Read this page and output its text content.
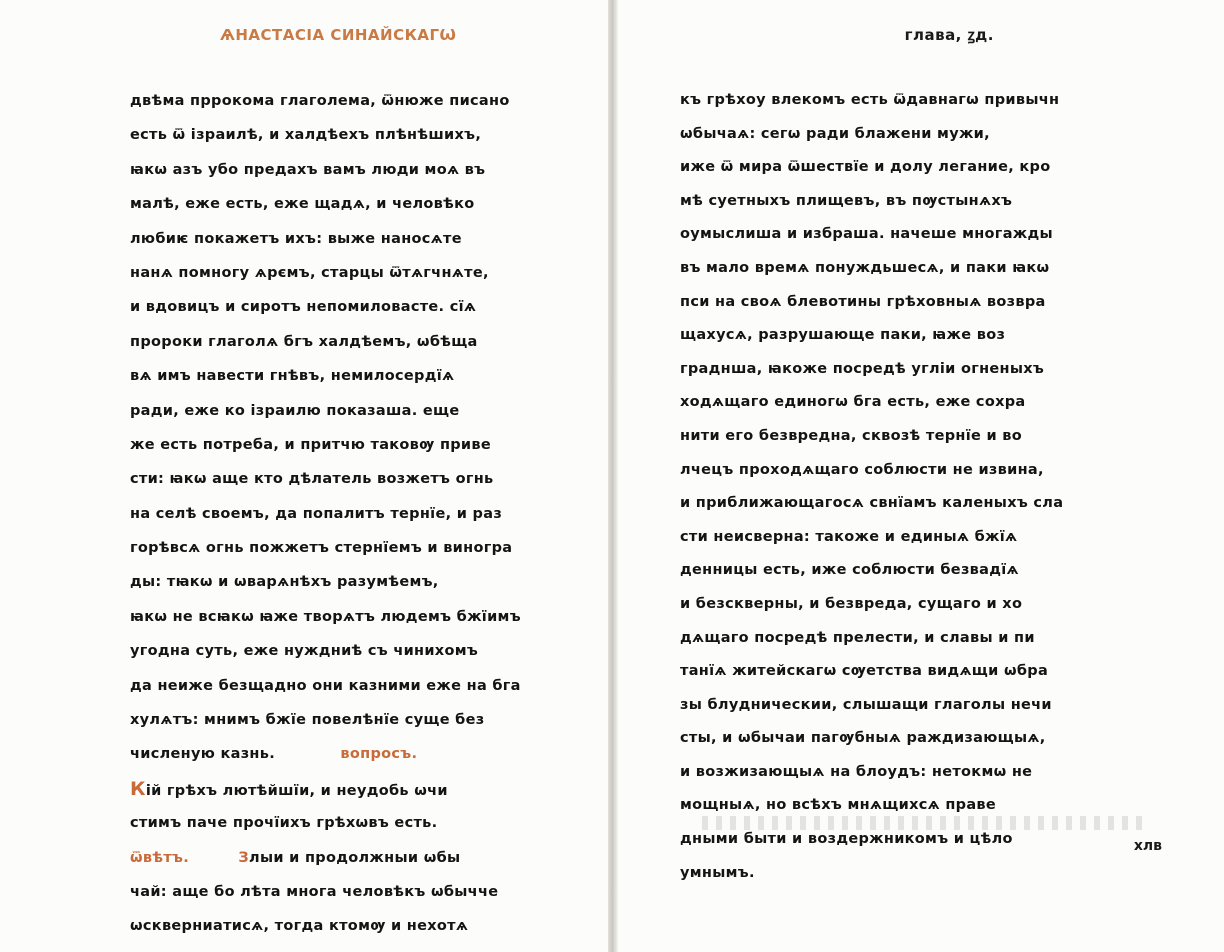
ѦНАСТАСІА СИНАЙСКАГѠ
двѣма пррокома глаголема, ѿнюже писано
есть ѿ ізраилѣ, и халдѣехъ плѣнѣшихъ,
ꙗкѡ азъ убо предахъ вамъ люди моѧ въ
малѣ, еже есть, еже щадѧ, и человѣко
любиѥ покажетъ ихъ: выже наносѧте
нанѧ помногу ѧрємъ, старцы ѿтѧгчнѧте,
и вдовицъ и сиротъ непомиловасте. сїѧ
пророки глаголѧ бгъ халдѣемъ, ѡбѣща
вѧ имъ навести гнѣвъ, немилосердїѧ
ради, еже ко ізраилю показаша. еще
же есть потреба, и притчю таковѹ приве
сти: ꙗкѡ аще кто дѣлатель возжетъ огнь
на селѣ своемъ, да попалитъ тернїе, и раз
горѣвсѧ огнь пожжетъ стернїемъ и виногра
ды: тꙗкѡ и ѡварѧнѣхъ разумѣемъ,
ꙗкѡ не всꙗкѡ ꙗже творѧтъ людемъ бжїимъ
угодна суть, еже нуждниѣ съ чинихомъ
да неиже безщадно они казними еже на бга
хулѧтъ: мнимъ бжїе повелѣнїе суще без
численую казнь.	вопросъ.
Кій грѣхъ лютѣйшїи, и неудобь ѡчи
стимъ паче прочїихъ грѣхѡвъ есть.
ѿвѣтъ.	Злыи и продолжныи ѡбы
чай: аще бо лѣта многа человѣкъ ѡбычче
ѡскверниатисѧ, тогда ктомѹ и нехотѧ
глава, ꙁд.
къ грѣхоу влекомъ есть ѿдавнагѡ привычн
ѡбычаѧ: сегѡ ради блажени мужи,
иже ѿ мира ѿшествїе и долу легание, кро
мѣ суетныхъ плищевъ, въ пѹстынѧхъ
оумыслиша и избраша. начеше многажды
въ мало времѧ понуждьшесѧ, и паки ꙗкѡ
пси на своѧ блевотины грѣховныѧ возвра
щахусѧ, разрушающе паки, ꙗже воз
граднша, ꙗкоже посредѣ угліи огненыхъ
ходѧщаго единогѡ бга есть, еже сохра
нити его безвредна, сквозѣ тернїе и во
лчецъ проходѧщаго соблюсти не извина,
и приближающагосѧ свнїамъ каленыхъ сла
сти неисверна: такоже и единыѧ бжїѧ
денницы есть, иже соблюсти безвадїѧ
и безскверны, и безвреда, сущаго и хо
дѧщаго посредѣ прелести, и славы и пи
танїѧ житейскагѡ сѹетства видѧщи ѡбра
зы блудническии, слышащи глаголы нечи
сты, и ѡбычаи пагѹбныѧ раждизающыѧ,
и возжизающыѧ на блоудъ: нетокмѡ не
мощныѧ, но всѣхъ мнѧщихсѧ праве
дными быти и воздержникомъ и цѣло
умнымъ.
хлв
